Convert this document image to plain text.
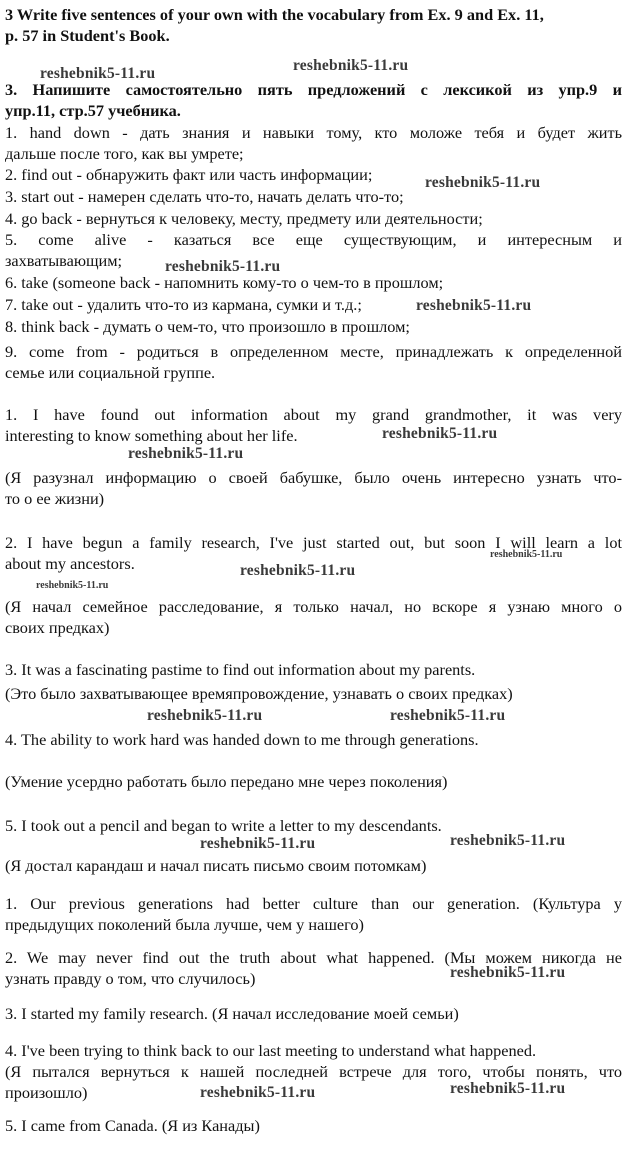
3 Write five sentences of your own with the vocabulary from Ex. 9 and Ex. 11,
p. 57 in Student's Book.
3. Напишите самостоятельно пять предложений с лексикой из упр.9 и
упр.11, стр.57 учебника.
1. hand down - дать знания и навыки тому, кто моложе тебя и будет жить
дальше после того, как вы умрете;
2. find out - обнаружить факт или часть информации;
3. start out - намерен сделать что-то, начать делать что-то;
4. go back - вернуться к человеку, месту, предмету или деятельности;
5. come alive - казаться все еще существующим, и интересным и
захватывающим;
6. take (someone back - напомнить кому-то о чем-то в прошлом;
7. take out - удалить что-то из кармана, сумки и т.д.;
8. think back - думать о чем-то, что произошло в прошлом;
9. come from - родиться в определенном месте, принадлежать к определенной
семье или социальной группе.
1. I have found out information about my grand grandmother, it was very
interesting to know something about her life.
(Я разузнал информацию о своей бабушке, было очень интересно узнать что-
то о ее жизни)
2. I have begun a family research, I've just started out, but soon I will learn a lot
about my ancestors.
(Я начал семейное расследование, я только начал, но вскоре я узнаю много о
своих предках)
3. It was a fascinating pastime to find out information about my parents.
(Это было захватывающее времяпровождение, узнавать о своих предках)
4. The ability to work hard was handed down to me through generations.
(Умение усердно работать было передано мне через поколения)
5. I took out a pencil and began to write a letter to my descendants.
(Я достал карандаш и начал писать письмо своим потомкам)
1. Our previous generations had better culture than our generation. (Культура у
предыдущих поколений была лучше, чем у нашего)
2. We may never find out the truth about what happened. (Мы можем никогда не
узнать правду о том, что случилось)
3. I started my family research. (Я начал исследование моей семьи)
4. I've been trying to think back to our last meeting to understand what happened.
(Я пытался вернуться к нашей последней встрече для того, чтобы понять, что
произошло)
5. I came from Canada. (Я из Канады)
reshebnik5-11.ru	reshebnik5-11.ru
reshebnik5-11.ru
reshebnik5-11.ru
reshebnik5-11.ru
reshebnik5-11.ru
reshebnik5-11.ru
reshebnik5-11.ru
reshebnik5-11.ru
reshebnik5-11.ru
reshebnik5-11.ru	reshebnik5-11.ru
reshebnik5-11.ru	reshebnik5-11.ru
reshebnik5-11.ru
reshebnik5-11.ru	reshebnik5-11.ru
